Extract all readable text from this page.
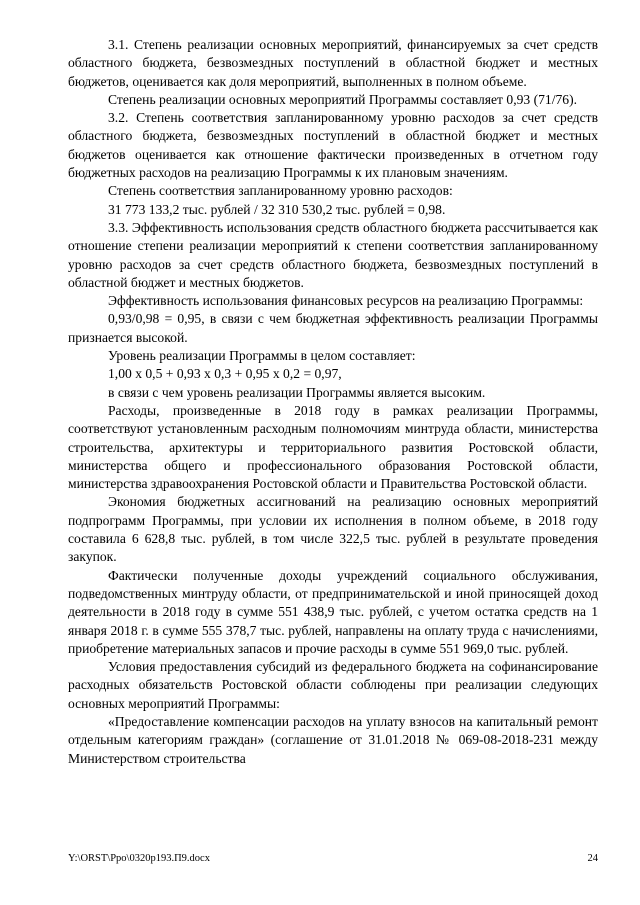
3.1. Степень реализации основных мероприятий, финансируемых за счет средств областного бюджета, безвозмездных поступлений в областной бюджет и местных бюджетов, оценивается как доля мероприятий, выполненных в полном объеме.

Степень реализации основных мероприятий Программы составляет 0,93 (71/76).

3.2. Степень соответствия запланированному уровню расходов за счет средств областного бюджета, безвозмездных поступлений в областной бюджет и местных бюджетов оценивается как отношение фактически произведенных в отчетном году бюджетных расходов на реализацию Программы к их плановым значениям.

Степень соответствия запланированному уровню расходов:

31 773 133,2 тыс. рублей / 32 310 530,2 тыс. рублей = 0,98.

3.3. Эффективность использования средств областного бюджета рассчитывается как отношение степени реализации мероприятий к степени соответствия запланированному уровню расходов за счет средств областного бюджета, безвозмездных поступлений в областной бюджет и местных бюджетов.

Эффективность использования финансовых ресурсов на реализацию Программы:

0,93/0,98 = 0,95, в связи с чем бюджетная эффективность реализации Программы признается высокой.

Уровень реализации Программы в целом составляет:

1,00 х 0,5 + 0,93 х 0,3 + 0,95 х 0,2 = 0,97,

в связи с чем уровень реализации Программы является высоким.

Расходы, произведенные в 2018 году в рамках реализации Программы, соответствуют установленным расходным полномочиям минтруда области, министерства строительства, архитектуры и территориального развития Ростовской области, министерства общего и профессионального образования Ростовской области, министерства здравоохранения Ростовской области и Правительства Ростовской области.

Экономия бюджетных ассигнований на реализацию основных мероприятий подпрограмм Программы, при условии их исполнения в полном объеме, в 2018 году составила 6 628,8 тыс. рублей, в том числе 322,5 тыс. рублей в результате проведения закупок.

Фактически полученные доходы учреждений социального обслуживания, подведомственных минтруду области, от предпринимательской и иной приносящей доход деятельности в 2018 году в сумме 551 438,9 тыс. рублей, с учетом остатка средств на 1 января 2018 г. в сумме 555 378,7 тыс. рублей, направлены на оплату труда с начислениями, приобретение материальных запасов и прочие расходы в сумме 551 969,0 тыс. рублей.

Условия предоставления субсидий из федерального бюджета на софинансирование расходных обязательств Ростовской области соблюдены при реализации следующих основных мероприятий Программы:

«Предоставление компенсации расходов на уплату взносов на капитальный ремонт отдельным категориям граждан» (соглашение от 31.01.2018 № 069-08-2018-231 между Министерством строительства

Y:\ORST\Ppo\0320p193.П9.docx	24
